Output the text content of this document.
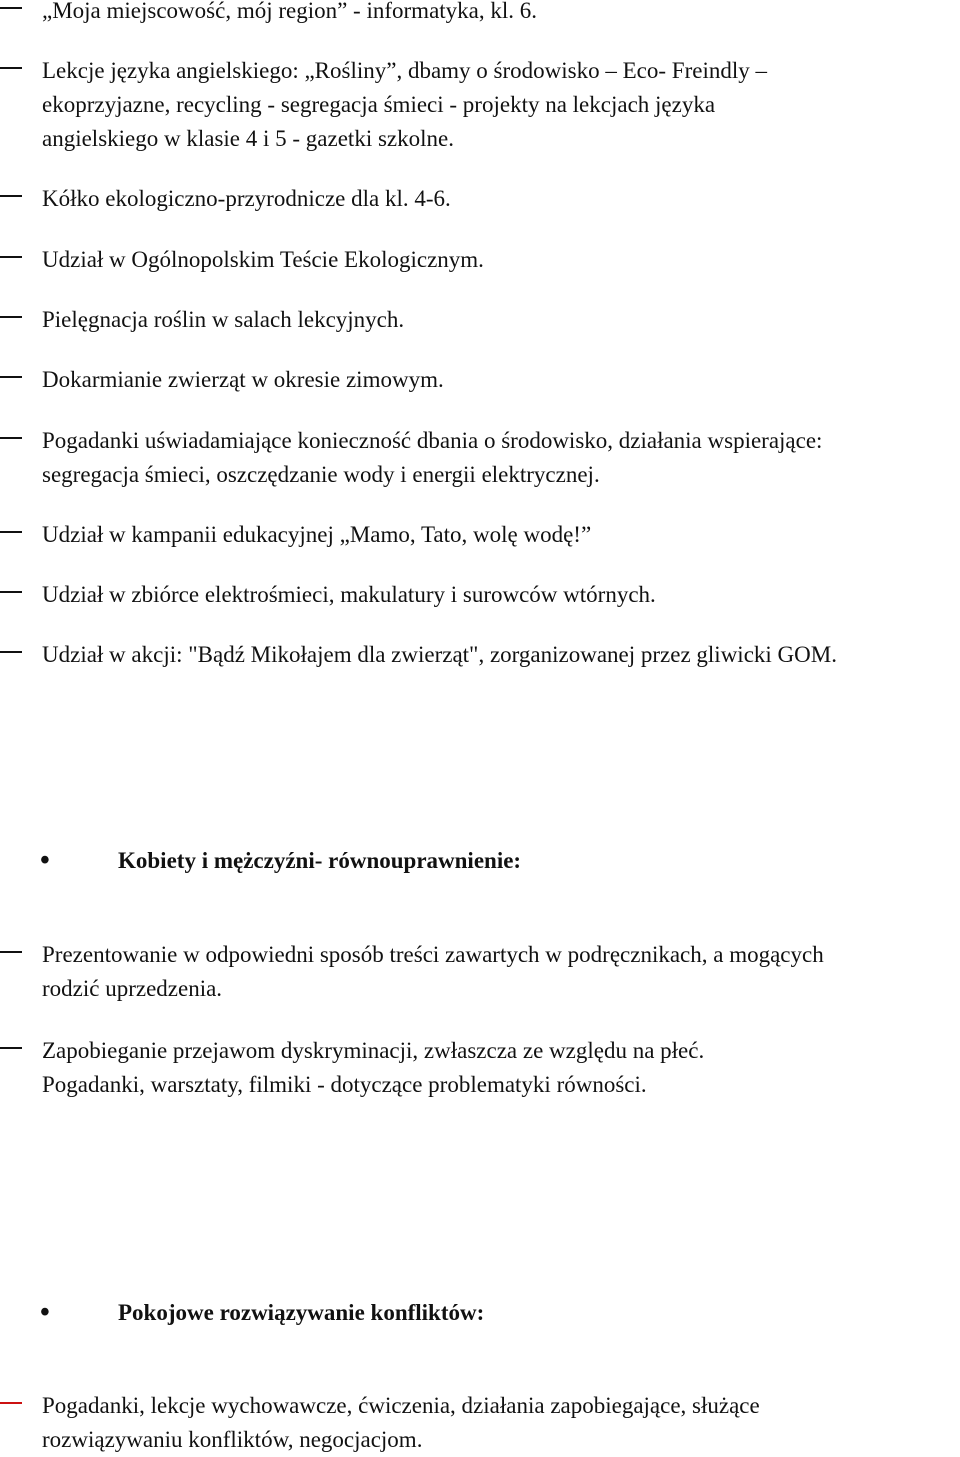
„Moja miejscowość, mój region” - informatyka, kl. 6.
Lekcje języka angielskiego: „Rośliny”, dbamy o środowisko – Eco- Freindly –
ekoprzyjazne, recycling - segregacja śmieci - projekty na lekcjach języka
angielskiego w klasie 4 i 5 - gazetki szkolne.
Kółko ekologiczno-przyrodnicze dla kl. 4-6.
Udział w Ogólnopolskim Teście Ekologicznym.
Pielęgnacja roślin w salach lekcyjnych.
Dokarmianie zwierząt w okresie zimowym.
Pogadanki uświadamiające konieczność dbania o środowisko, działania wspierające:
segregacja śmieci, oszczędzanie wody i energii elektrycznej.
Udział w kampanii edukacyjnej „Mamo, Tato, wolę wodę!”
Udział w zbiórce elektrośmieci, makulatury i surowców wtórnych.
Udział w akcji: "Bądź Mikołajem dla zwierząt", zorganizowanej przez gliwicki GOM.
•	Kobiety i mężczyźni- równouprawnienie:
Prezentowanie w odpowiedni sposób treści zawartych w podręcznikach, a mogących
rodzić uprzedzenia.
Zapobieganie przejawom dyskryminacji, zwłaszcza ze względu na płeć.
Pogadanki, warsztaty, filmiki - dotyczące problematyki równości.
•	Pokojowe rozwiązywanie konfliktów:
Pogadanki, lekcje wychowawcze, ćwiczenia, działania zapobiegające, służące
rozwiązywaniu konfliktów, negocjacjom.
